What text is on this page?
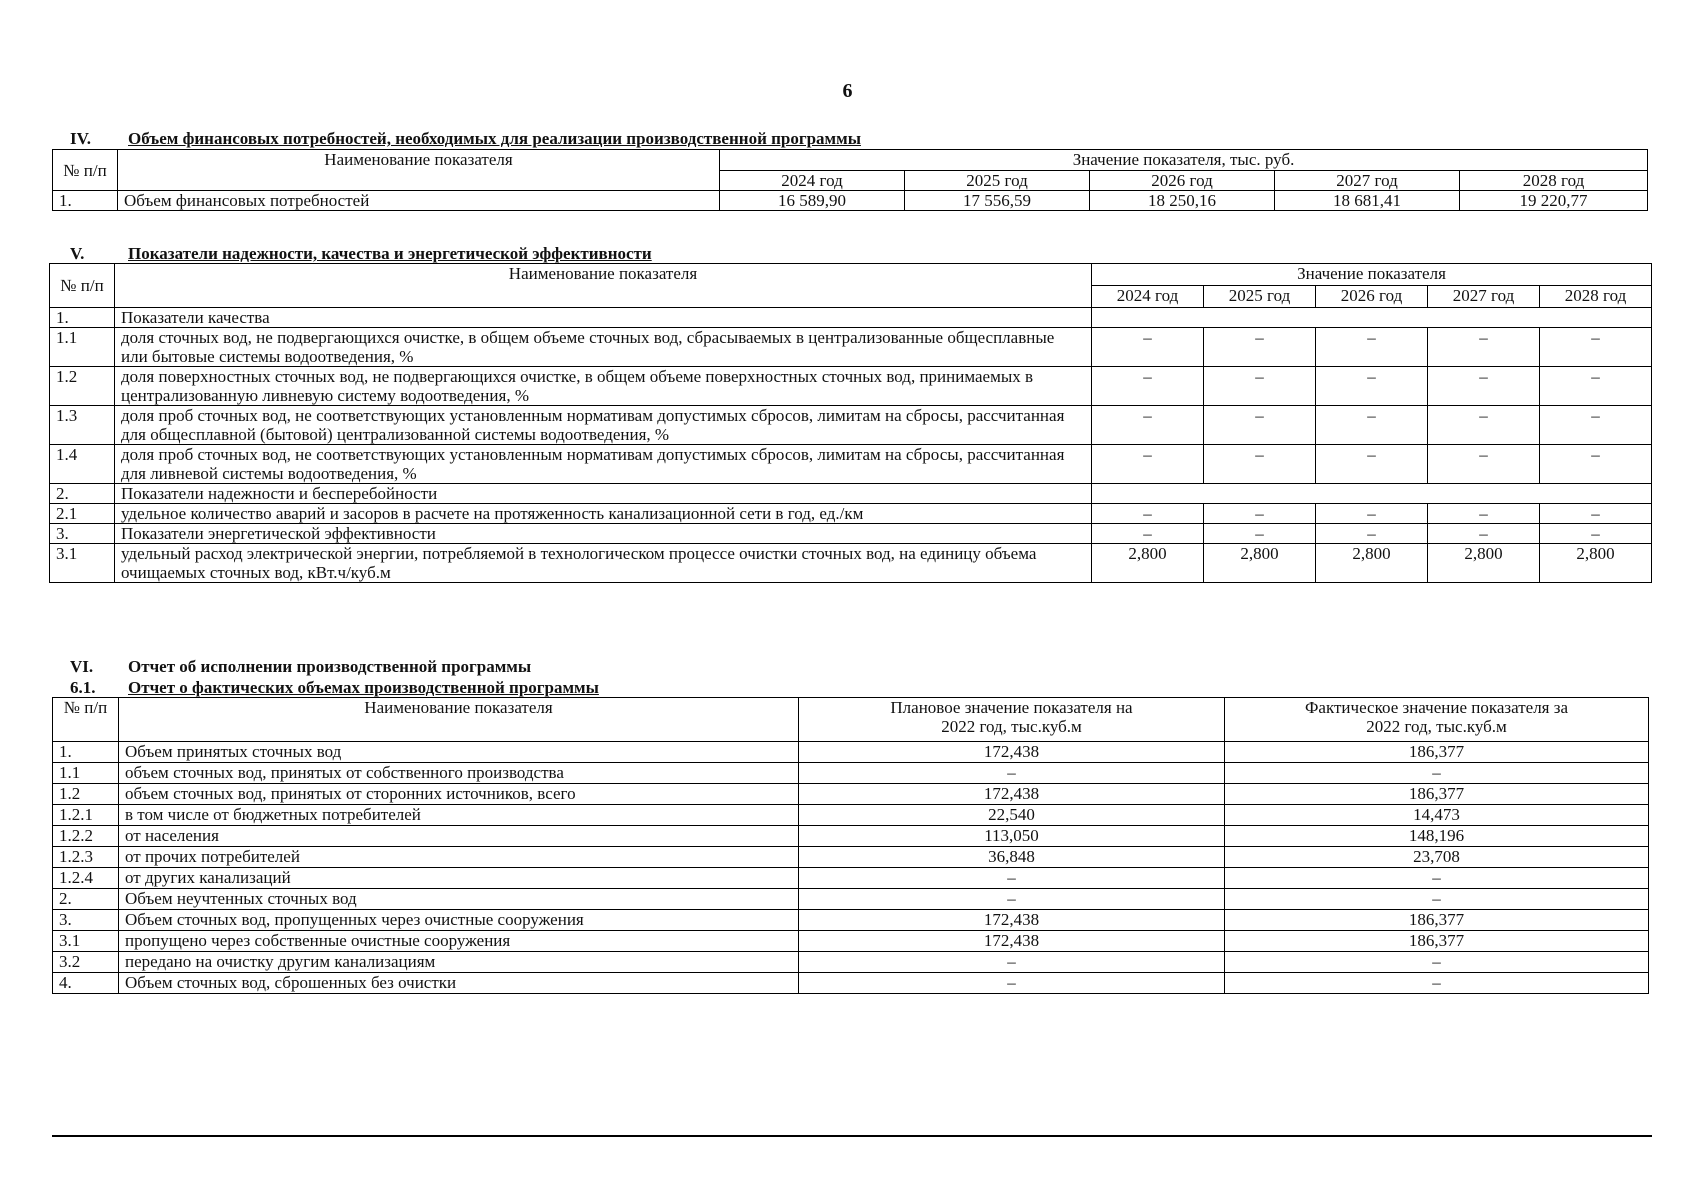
6
IV. Объем финансовых потребностей, необходимых для реализации производственной программы
№ п/п	Наименование показателя	Значение показателя, тыс. руб.				
		2024 год	2025 год	2026 год	2027 год	2028 год
1.	Объем финансовых потребностей	16 589,90	17 556,59	18 250,16	18 681,41	19 220,77
V.	Показатели надежности, качества и энергетической эффективности
№ п/п	Наименование показателя	Значение показателя				
		2024 год	2025 год	2026 год	2027 год	2028 год
1.	Показатели качества					
1.1	доля сточных вод, не подвергающихся очистке, в общем объеме сточных вод, сбрасываемых в централизованные общесплавные или бытовые системы водоотведения, %	–	–	–	–	–
1.2	доля поверхностных сточных вод, не подвергающихся очистке, в общем объеме поверхностных сточных вод, принимаемых в централизованную ливневую систему водоотведения, %	–	–	–	–	–
1.3	доля проб сточных вод, не соответствующих установленным нормативам допустимых сбросов, лимитам на сбросы, рассчитанная для общесплавной (бытовой) централизованной системы водоотведения, %	–	–	–	–	–
1.4	доля проб сточных вод, не соответствующих установленным нормативам допустимых сбросов, лимитам на сбросы, рассчитанная для ливневой системы водоотведения, %	–	–	–	–	–
2.	Показатели надежности и бесперебойности					
2.1	удельное количество аварий и засоров в расчете на протяженность канализационной сети в год, ед./км	–	–	–	–	–
3.	Показатели энергетической эффективности	–	–	–	–	–
3.1	удельный расход электрической энергии, потребляемой в технологическом процессе очистки сточных вод, на единицу объема очищаемых сточных вод, кВт.ч/куб.м	2,800	2,800	2,800	2,800	2,800
VI. Отчет об исполнении производственной программы
6.1. Отчет о фактических объемах производственной программы
№ п/п	Наименование показателя	Плановое значение показателя на 2022 год, тыс.куб.м	Фактическое значение показателя за 2022 год, тыс.куб.м
1.	Объем принятых сточных вод	172,438	186,377
1.1	объем сточных вод, принятых от собственного производства	–	–
1.2	объем сточных вод, принятых от сторонних источников, всего	172,438	186,377
1.2.1	в том числе от бюджетных потребителей	22,540	14,473
1.2.2	от населения	113,050	148,196
1.2.3	от прочих потребителей	36,848	23,708
1.2.4	от других канализаций	–	–
2.	Объем неучтенных сточных вод	–	–
3.	Объем сточных вод, пропущенных через очистные сооружения	172,438	186,377
3.1	пропущено через собственные очистные сооружения	172,438	186,377
3.2	передано на очистку другим канализациям	–	–
4.	Объем сточных вод, сброшенных без очистки	–	–
